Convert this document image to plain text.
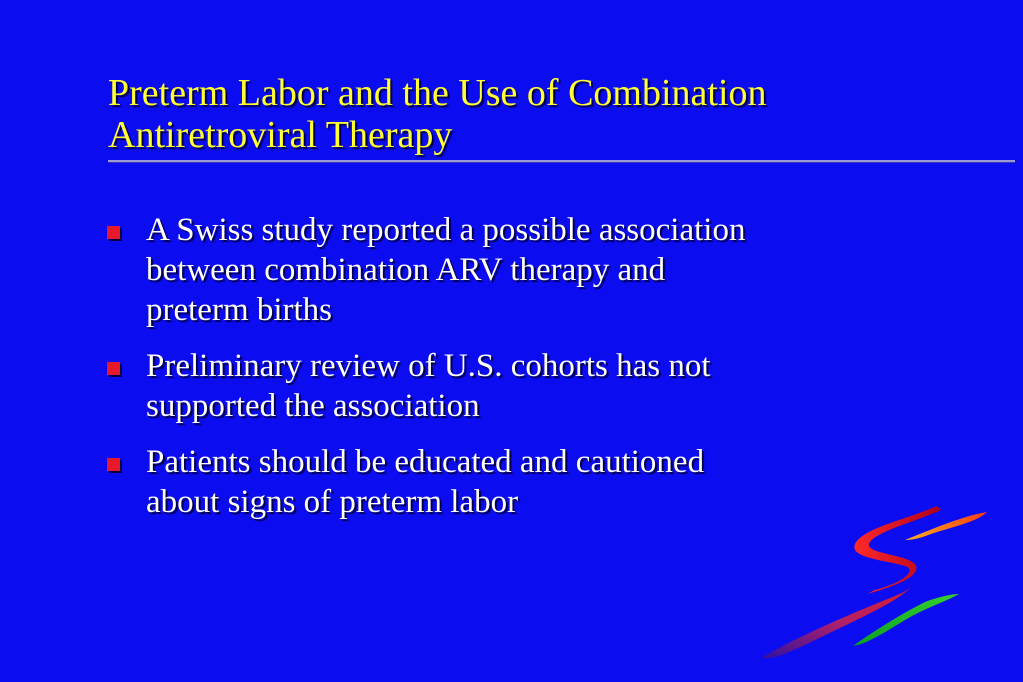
Preterm Labor and the Use of Combination
Antiretroviral Therapy
A Swiss study reported a possible association
between combination ARV therapy and
preterm births
Preliminary review of U.S. cohorts has not
supported the association
Patients should be educated and cautioned
about signs of preterm labor
